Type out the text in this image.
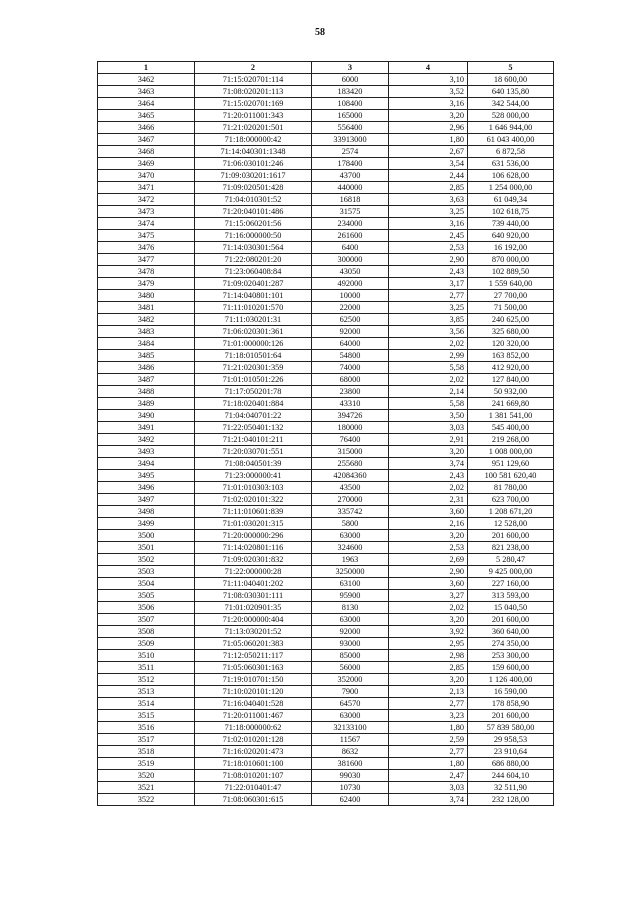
58
1	2	3	4	5
3462	71:15:020701:114	6000	3,10	18 600,00
3463	71:08:020201:113	183420	3,52	640 135,80
3464	71:15:020701:169	108400	3,16	342 544,00
3465	71:20:011001:343	165000	3,20	528 000,00
3466	71:21:020201:501	556400	2,96	1 646 944,00
3467	71:18:000000:42	33913000	1,80	61 043 400,00
3468	71:14:040301:1348	2574	2,67	6 872,58
3469	71:06:030101:246	178400	3,54	631 536,00
3470	71:09:030201:1617	43700	2,44	106 628,00
3471	71:09:020501:428	440000	2,85	1 254 000,00
3472	71:04:010301:52	16818	3,63	61 049,34
3473	71:20:040101:486	31575	3,25	102 618,75
3474	71:15:060201:56	234000	3,16	739 440,00
3475	71:16:000000:50	261600	2,45	640 920,00
3476	71:14:030301:564	6400	2,53	16 192,00
3477	71:22:080201:20	300000	2,90	870 000,00
3478	71:23:060408:84	43050	2,43	102 889,50
3479	71:09:020401:287	492000	3,17	1 559 640,00
3480	71:14:040801:101	10000	2,77	27 700,00
3481	71:11:010201:570	22000	3,25	71 500,00
3482	71:11:030201:31	62500	3,85	240 625,00
3483	71:06:020301:361	92000	3,56	325 680,00
3484	71:01:000000:126	64000	2,02	120 320,00
3485	71:18:010501:64	54800	2,99	163 852,00
3486	71:21:020301:359	74000	5,58	412 920,00
3487	71:01:010501:226	68000	2,02	127 840,00
3488	71:17:050201:78	23800	2,14	50 932,00
3489	71:18:020401:884	43310	5,58	241 669,80
3490	71:04:040701:22	394726	3,50	1 381 541,00
3491	71:22:050401:132	180000	3,03	545 400,00
3492	71:21:040101:211	76400	2,91	219 268,00
3493	71:20:030701:551	315000	3,20	1 008 000,00
3494	71:08:040501:39	255680	3,74	951 129,60
3495	71:23:000000:41	42084360	2,43	100 581 620,40
3496	71:01:010303:103	43500	2,02	81 780,00
3497	71:02:020101:322	270000	2,31	623 700,00
3498	71:11:010601:839	335742	3,60	1 208 671,20
3499	71:01:030201:315	5800	2,16	12 528,00
3500	71:20:000000:296	63000	3,20	201 600,00
3501	71:14:020801:116	324600	2,53	821 238,00
3502	71:09:020301:832	1963	2,69	5 280,47
3503	71:22:000000:28	3250000	2,90	9 425 000,00
3504	71:11:040401:202	63100	3,60	227 160,00
3505	71:08:030301:111	95900	3,27	313 593,00
3506	71:01:020901:35	8130	2,02	15 040,50
3507	71:20:000000:404	63000	3,20	201 600,00
3508	71:13:030201:52	92000	3,92	360 640,00
3509	71:05:060201:383	93000	2,95	274 350,00
3510	71:12:050211:117	85000	2,98	253 300,00
3511	71:05:060301:163	56000	2,85	159 600,00
3512	71:19:010701:150	352000	3,20	1 126 400,00
3513	71:10:020101:120	7900	2,13	16 590,00
3514	71:16:040401:528	64570	2,77	178 858,90
3515	71:20:011001:467	63000	3,23	201 600,00
3516	71:18:000000:62	32133100	1,80	57 839 580,00
3517	71:02:010201:128	11567	2,59	29 958,53
3518	71:16:020201:473	8632	2,77	23 910,64
3519	71:18:010601:100	381600	1,80	686 880,00
3520	71:08:010201:107	99030	2,47	244 604,10
3521	71:22:010401:47	10730	3,03	32 511,90
3522	71:08:060301:615	62400	3,74	232 128,00
